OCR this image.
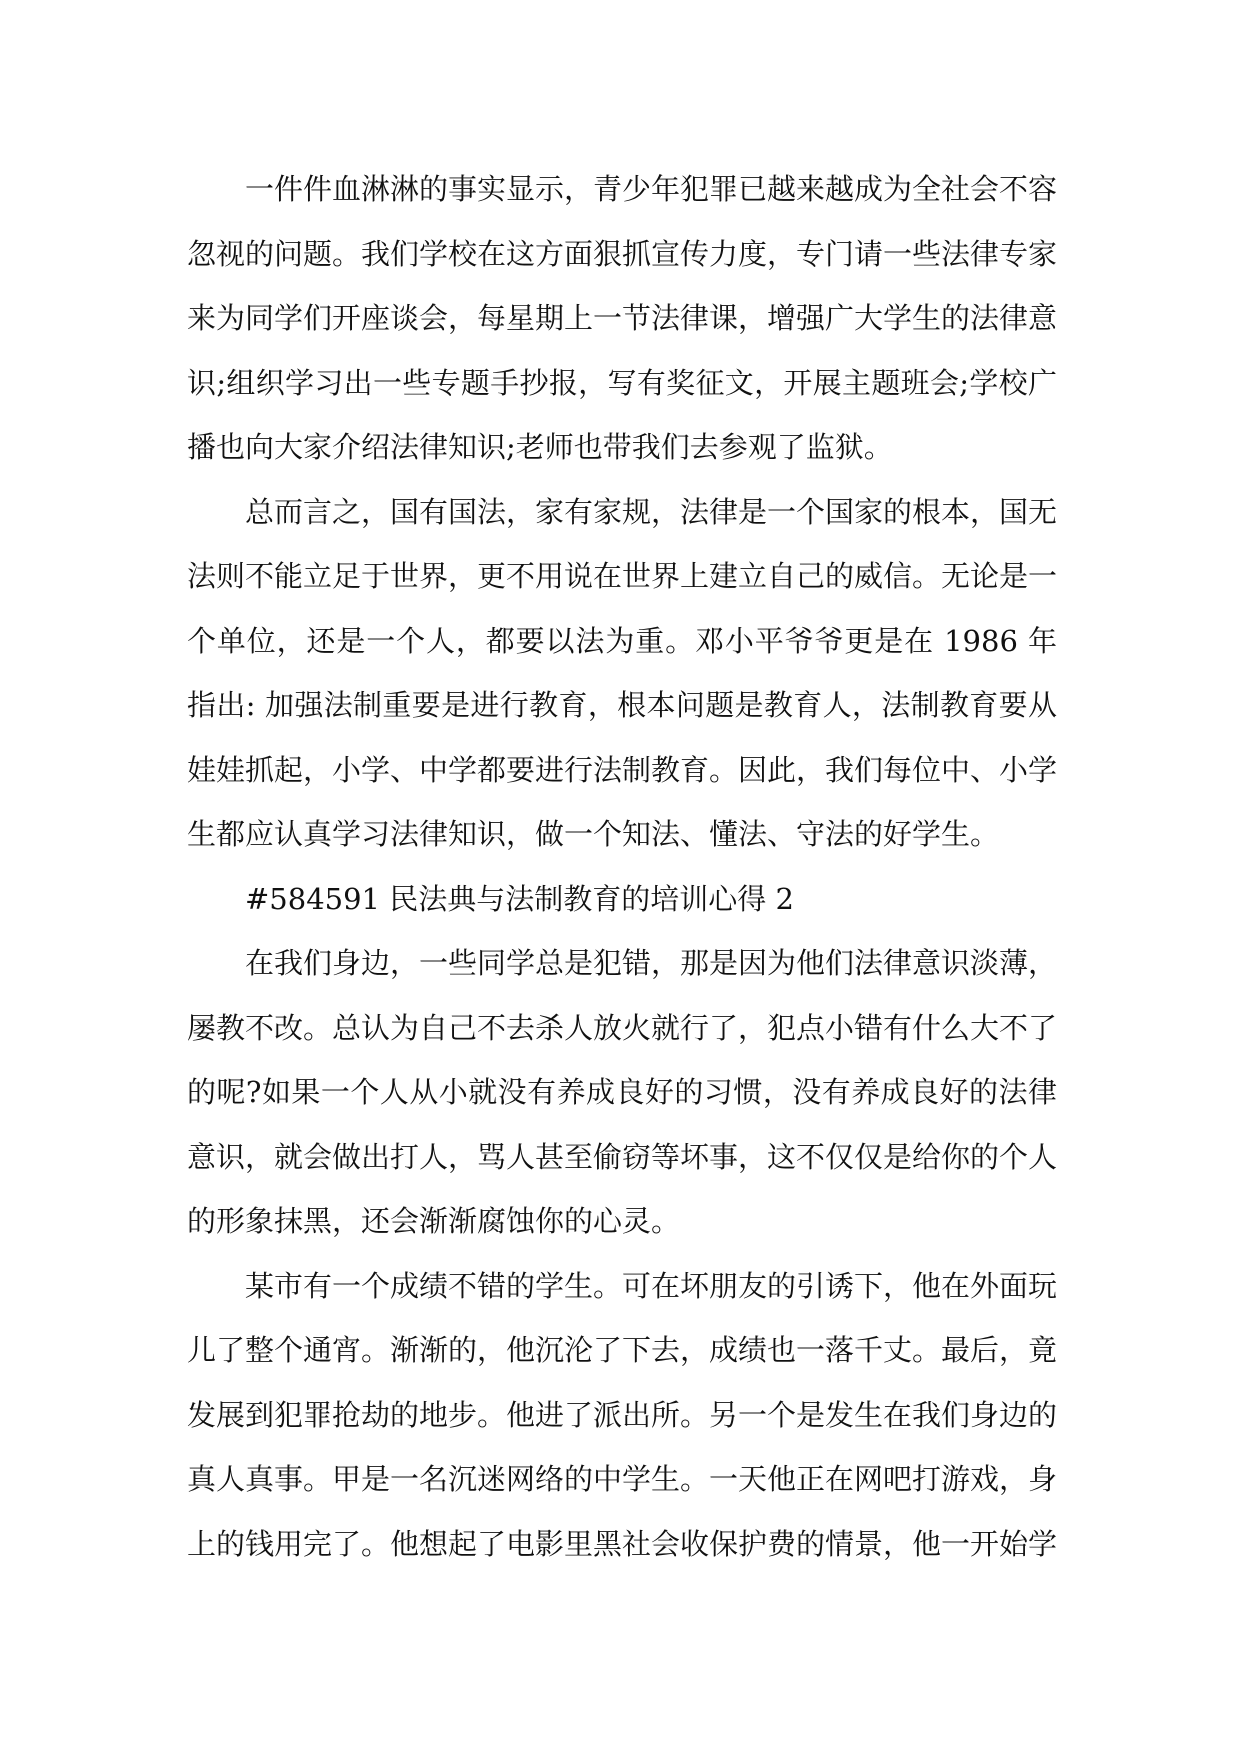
一件件血淋淋的事实显示，青少年犯罪已越来越成为全社会不容忽视的问题。我们学校在这方面狠抓宣传力度，专门请一些法律专家来为同学们开座谈会，每星期上一节法律课，增强广大学生的法律意识;组织学习出一些专题手抄报，写有奖征文，开展主题班会;学校广播也向大家介绍法律知识;老师也带我们去参观了监狱。

总而言之，国有国法，家有家规，法律是一个国家的根本，国无法则不能立足于世界，更不用说在世界上建立自己的威信。无论是一个单位，还是一个人，都要以法为重。邓小平爷爷更是在 1986 年指出: 加强法制重要是进行教育，根本问题是教育人，法制教育要从娃娃抓起，小学、中学都要进行法制教育。因此，我们每位中、小学生都应认真学习法律知识，做一个知法、懂法、守法的好学生。

#584591 民法典与法制教育的培训心得 2

在我们身边，一些同学总是犯错，那是因为他们法律意识淡薄，屡教不改。总认为自己不去杀人放火就行了，犯点小错有什么大不了的呢?如果一个人从小就没有养成良好的习惯，没有养成良好的法律意识，就会做出打人，骂人甚至偷窃等坏事，这不仅仅是给你的个人的形象抹黑，还会渐渐腐蚀你的心灵。

某市有一个成绩不错的学生。可在坏朋友的引诱下，他在外面玩儿了整个通宵。渐渐的，他沉沦了下去，成绩也一落千丈。最后，竟发展到犯罪抢劫的地步。他进了派出所。另一个是发生在我们身边的真人真事。甲是一名沉迷网络的中学生。一天他正在网吧打游戏，身上的钱用完了。他想起了电影里黑社会收保护费的情景，他一开始学
